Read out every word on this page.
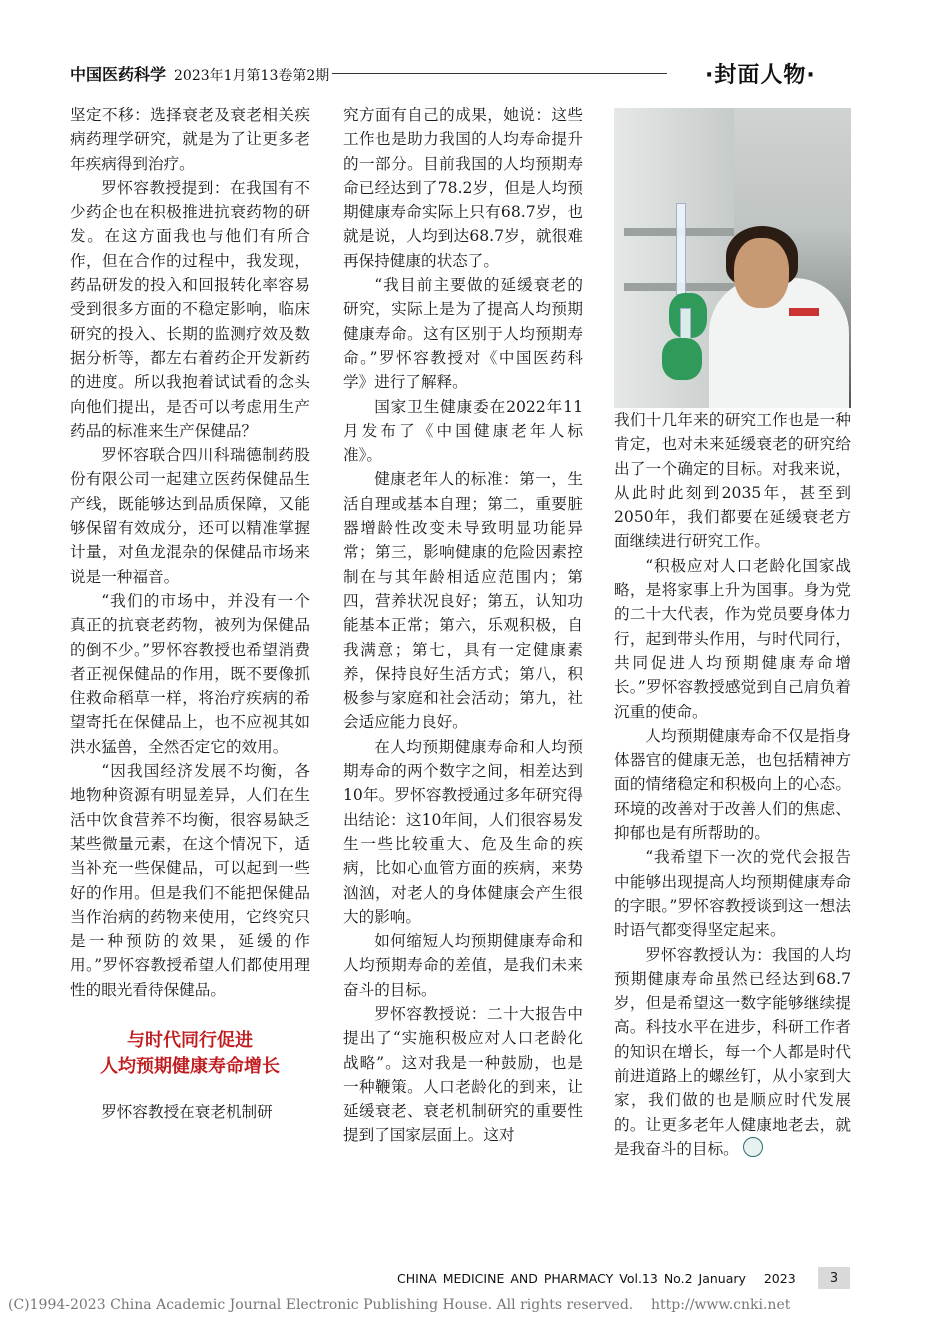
中国医药科学 2023年1月第13卷第2期	·封面人物·

坚定不移：选择衰老及衰老相关疾病药理学研究，就是为了让更多老年疾病得到治疗。

罗怀容教授提到：在我国有不少药企也在积极推进抗衰药物的研发。在这方面我也与他们有所合作，但在合作的过程中，我发现，药品研发的投入和回报转化率容易受到很多方面的不稳定影响，临床研究的投入、长期的监测疗效及数据分析等，都左右着药企开发新药的进度。所以我抱着试试看的念头向他们提出，是否可以考虑用生产药品的标准来生产保健品？

罗怀容联合四川科瑞德制药股份有限公司一起建立医药保健品生产线，既能够达到品质保障，又能够保留有效成分，还可以精准掌握计量，对鱼龙混杂的保健品市场来说是一种福音。

“我们的市场中，并没有一个真正的抗衰老药物，被列为保健品的倒不少。”罗怀容教授也希望消费者正视保健品的作用，既不要像抓住救命稻草一样，将治疗疾病的希望寄托在保健品上，也不应视其如洪水猛兽，全然否定它的效用。

“因我国经济发展不均衡，各地物种资源有明显差异，人们在生活中饮食营养不均衡，很容易缺乏某些微量元素，在这个情况下，适当补充一些保健品，可以起到一些好的作用。但是我们不能把保健品当作治病的药物来使用，它终究只是一种预防的效果，延缓的作用。”罗怀容教授希望人们都使用理性的眼光看待保健品。

与时代同行促进
人均预期健康寿命增长

罗怀容教授在衰老机制研

究方面有自己的成果，她说：这些工作也是助力我国的人均寿命提升的一部分。目前我国的人均预期寿命已经达到了78.2岁，但是人均预期健康寿命实际上只有68.7岁，也就是说，人均到达68.7岁，就很难再保持健康的状态了。

“我目前主要做的延缓衰老的研究，实际上是为了提高人均预期健康寿命。这有区别于人均预期寿命。”罗怀容教授对《中国医药科学》进行了解释。

国家卫生健康委在2022年11月发布了《中国健康老年人标准》。

健康老年人的标准：第一，生活自理或基本自理；第二，重要脏器增龄性改变未导致明显功能异常；第三，影响健康的危险因素控制在与其年龄相适应范围内；第四，营养状况良好；第五，认知功能基本正常；第六，乐观积极，自我满意；第七，具有一定健康素养，保持良好生活方式；第八，积极参与家庭和社会活动；第九，社会适应能力良好。

在人均预期健康寿命和人均预期寿命的两个数字之间，相差达到10年。罗怀容教授通过多年研究得出结论：这10年间，人们很容易发生一些比较重大、危及生命的疾病，比如心血管方面的疾病，来势汹汹，对老人的身体健康会产生很大的影响。

如何缩短人均预期健康寿命和人均预期寿命的差值，是我们未来奋斗的目标。

罗怀容教授说：二十大报告中提出了“实施积极应对人口老龄化战略”。这对我是一种鼓励，也是一种鞭策。人口老龄化的到来，让延缓衰老、衰老机制研究的重要性提到了国家层面上。这对

我们十几年来的研究工作也是一种肯定，也对未来延缓衰老的研究给出了一个确定的目标。对我来说，从此时此刻到2035年，甚至到2050年，我们都要在延缓衰老方面继续进行研究工作。

“积极应对人口老龄化国家战略，是将家事上升为国事。身为党的二十大代表，作为党员要身体力行，起到带头作用，与时代同行，共同促进人均预期健康寿命增长。”罗怀容教授感觉到自己肩负着沉重的使命。

人均预期健康寿命不仅是指身体器官的健康无恙，也包括精神方面的情绪稳定和积极向上的心态。环境的改善对于改善人们的焦虑、抑郁也是有所帮助的。

“我希望下一次的党代会报告中能够出现提高人均预期健康寿命的字眼。”罗怀容教授谈到这一想法时语气都变得坚定起来。

罗怀容教授认为：我国的人均预期健康寿命虽然已经达到68.7岁，但是希望这一数字能够继续提高。科技水平在进步，科研工作者的知识在增长，每一个人都是时代前进道路上的螺丝钉，从小家到大家，我们做的也是顺应时代发展的。让更多老年人健康地老去，就是我奋斗的目标。

CHINA MEDICINE AND PHARMACY Vol.13 No.2 January   2023	3
(C)1994-2023 China Academic Journal Electronic Publishing House. All rights reserved.    http://www.cnki.net
